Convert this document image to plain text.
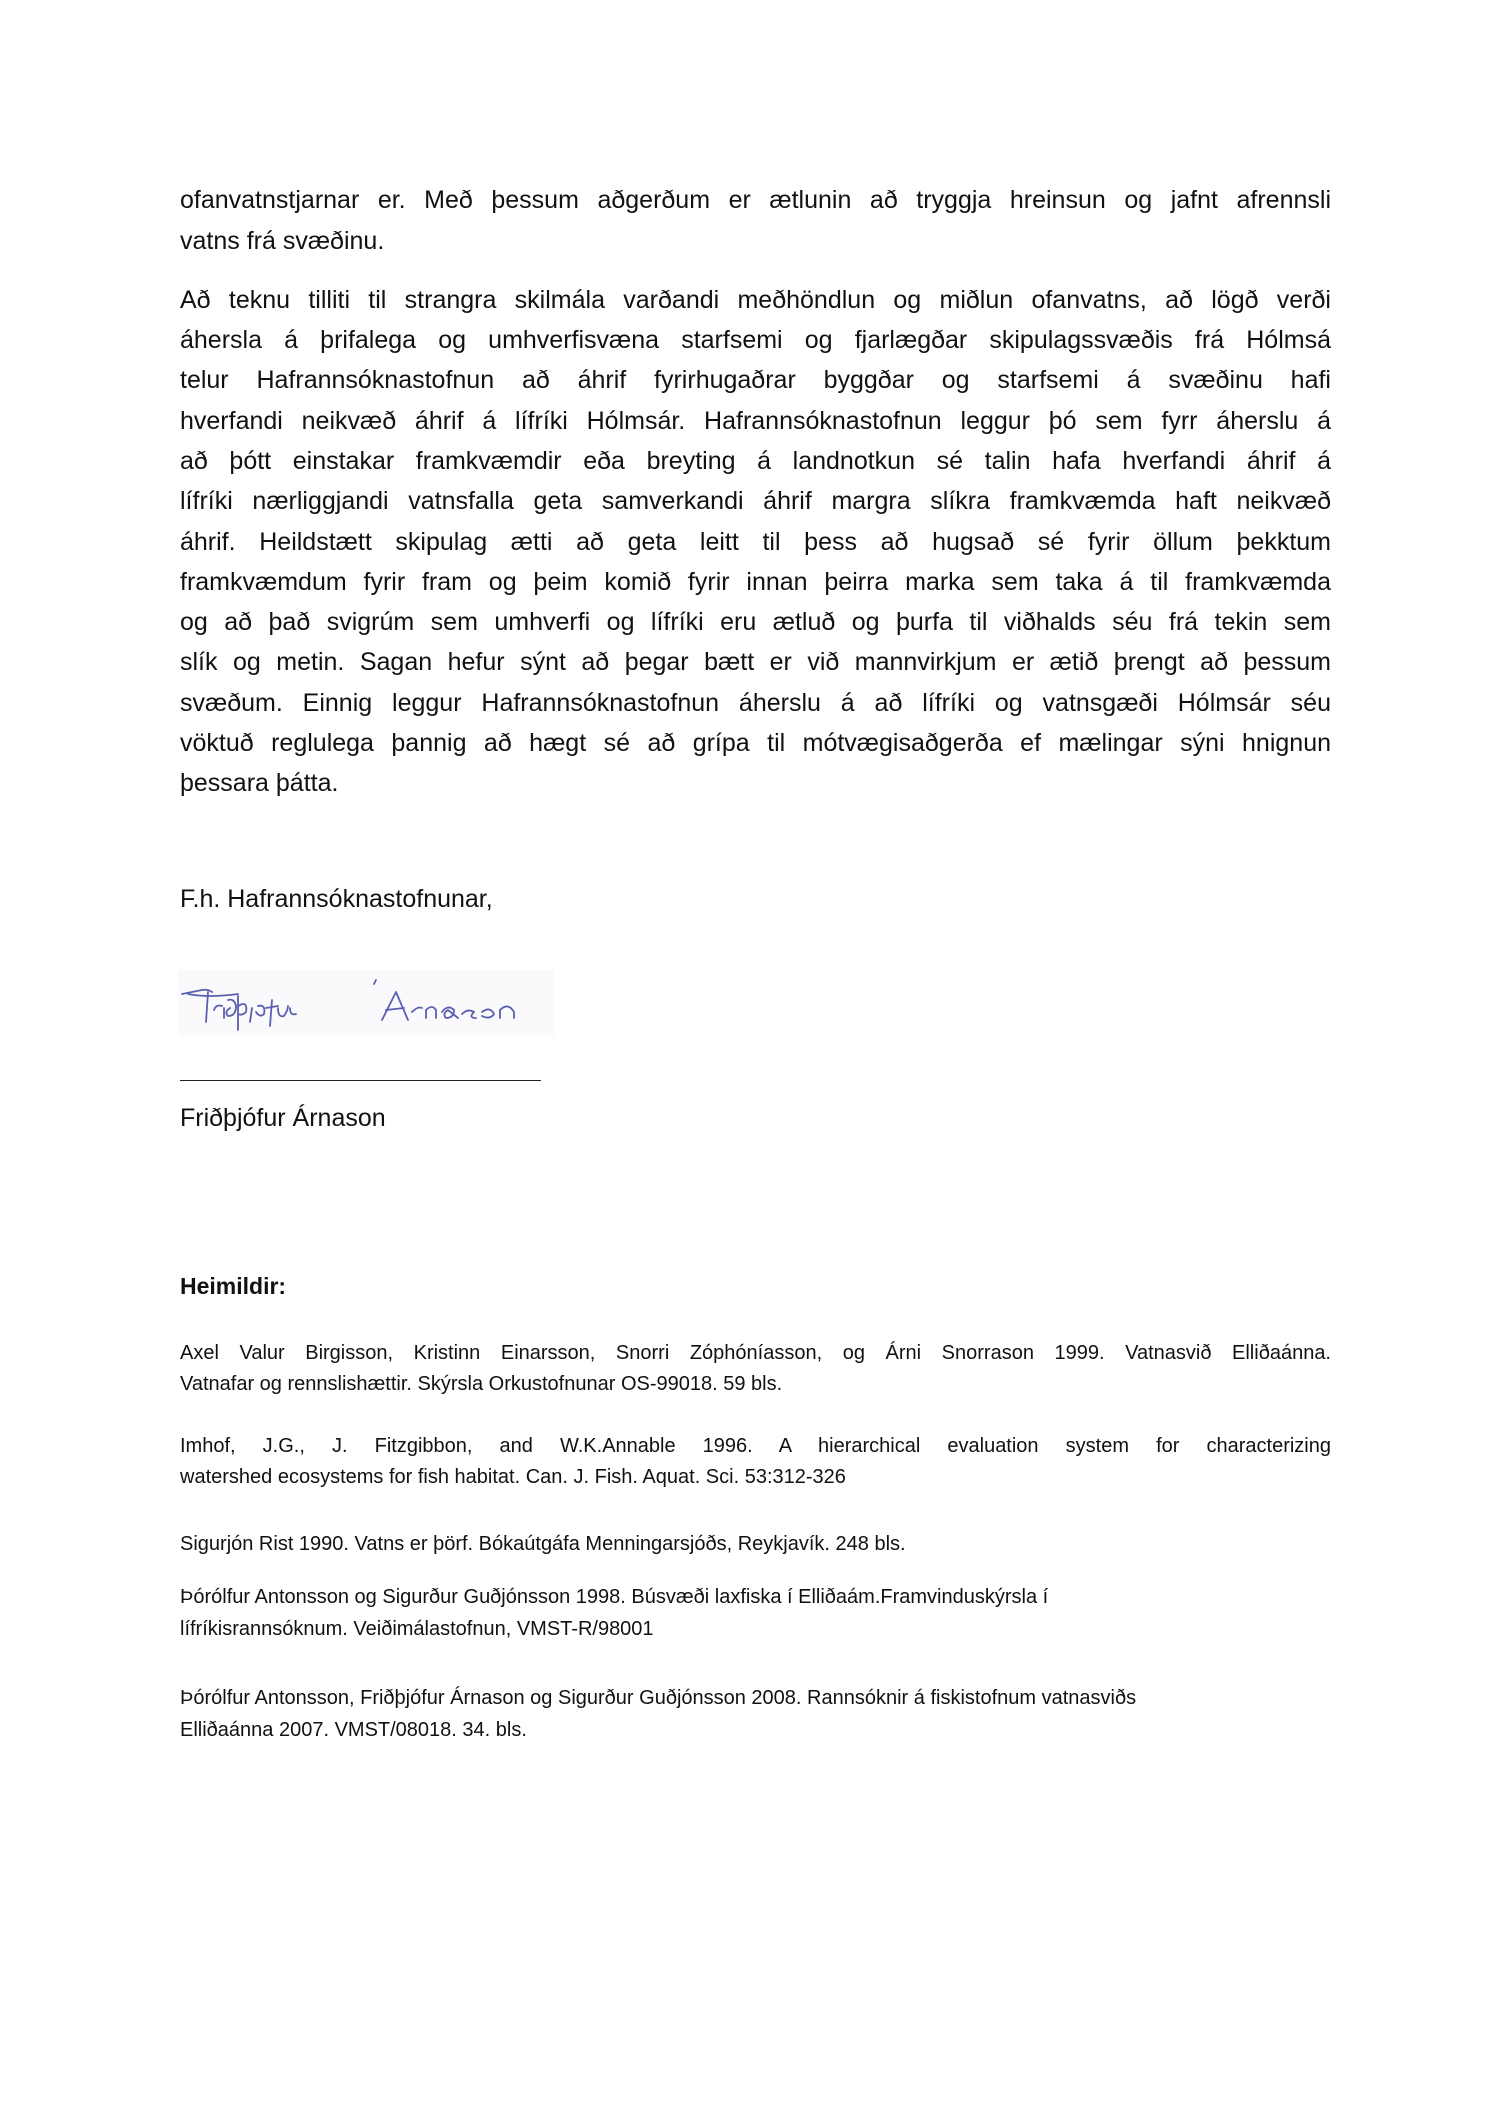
ofanvatnstjarnar er. Með þessum aðgerðum er ætlunin að tryggja hreinsun og jafnt afrennsli
vatns frá svæðinu.
Að teknu tilliti til strangra skilmála varðandi meðhöndlun og miðlun ofanvatns, að lögð verði
áhersla á þrifalega og umhverfisvæna starfsemi og fjarlægðar skipulagssvæðis frá Hólmsá
telur Hafrannsóknastofnun að áhrif fyrirhugaðrar byggðar og starfsemi á svæðinu hafi
hverfandi neikvæð áhrif á lífríki Hólmsár. Hafrannsóknastofnun leggur þó sem fyrr áherslu á
að þótt einstakar framkvæmdir eða breyting á landnotkun sé talin hafa hverfandi áhrif á
lífríki nærliggjandi vatnsfalla geta samverkandi áhrif margra slíkra framkvæmda haft neikvæð
áhrif. Heildstætt skipulag ætti að geta leitt til þess að hugsað sé fyrir öllum þekktum
framkvæmdum fyrir fram og þeim komið fyrir innan þeirra marka sem taka á til framkvæmda
og að það svigrúm sem umhverfi og lífríki eru ætluð og þurfa til viðhalds séu frá tekin sem
slík og metin. Sagan hefur sýnt að þegar bætt er við mannvirkjum er ætið þrengt að þessum
svæðum. Einnig leggur Hafrannsóknastofnun áherslu á að lífríki og vatnsgæði Hólmsár séu
vöktuð reglulega þannig að hægt sé að grípa til mótvægisaðgerða ef mælingar sýni hnignun
þessara þátta.
F.h. Hafrannsóknastofnunar,
Friðþjófur Árnason
Heimildir:
Axel Valur Birgisson, Kristinn Einarsson, Snorri Zóphóníasson, og Árni Snorrason 1999. Vatnasvið Elliðaánna.
Vatnafar og rennslishættir. Skýrsla Orkustofnunar OS-99018. 59 bls.
Imhof, J.G., J. Fitzgibbon, and W.K.Annable 1996. A hierarchical evaluation system for characterizing
watershed ecosystems for fish habitat. Can. J. Fish. Aquat. Sci. 53:312-326
Sigurjón Rist 1990. Vatns er þörf. Bókaútgáfa Menningarsjóðs, Reykjavík. 248 bls.
Þórólfur Antonsson og Sigurður Guðjónsson 1998. Búsvæði laxfiska í Elliðaám.Framvinduskýrsla í
lífríkisrannsóknum. Veiðimálastofnun, VMST-R/98001
Þórólfur Antonsson, Friðþjófur Árnason og Sigurður Guðjónsson 2008. Rannsóknir á fiskistofnum vatnasviðs
Elliðaánna 2007. VMST/08018. 34. bls.
